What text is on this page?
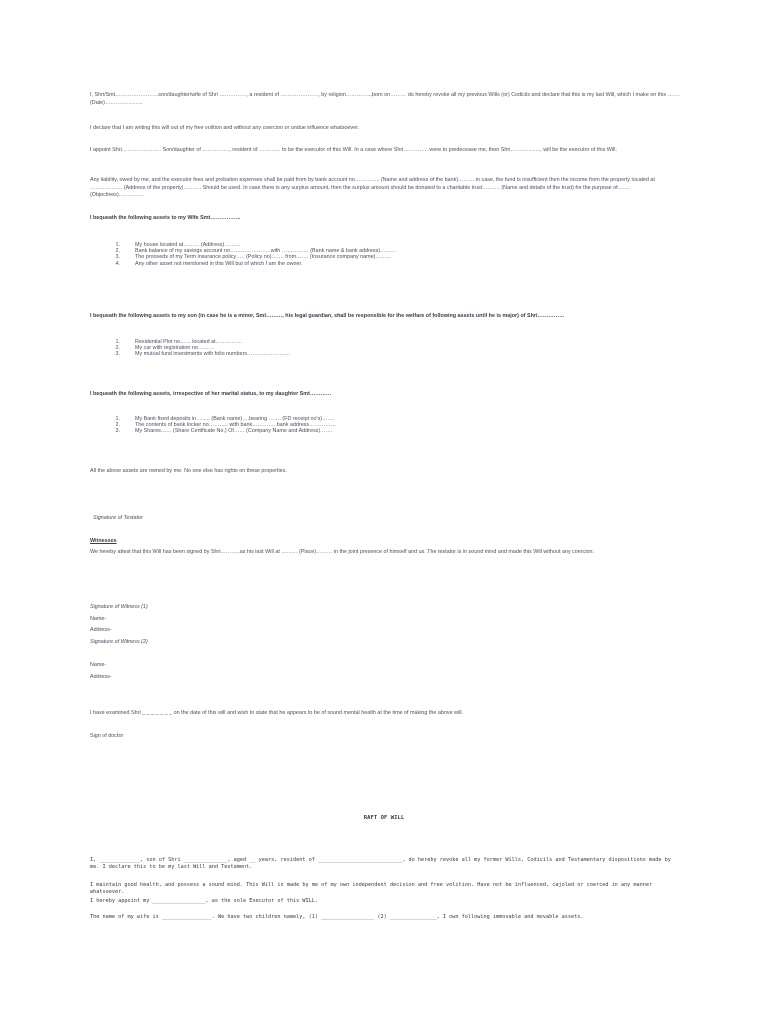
I, Shri/Smt……………………son/daughter/wife of Shri ……………, a resident of …………………, by religion…………..,born on……… do hereby revoke all my previous Wills (or) Codicils and declare that this is my last Will, which I make on this …….(Date)…………………

I declare that I am writing this will out of my free volition and without any coercion or undue influence whatsoever.

I appoint Shri…………………. Son/daughter of ……………, resident of ………… to be the executor of this Will. In a case where Shri………….. were to predecease me, then Shri…………….., will be the executor of this Will.

Any liability, owed by me, and the executor fees and probation expenses shall be paid from by bank account no………….. (Name and address of the bank)……… in case, the fund is insufficient then the income from the property located at ……………… (Address of the property)………. Should be used. In case there is any surplus amount, then the surplus amount should be donated to a charitable trust………. (Name and details of the trust) for the purpose of……. (Objectives)…………..

I bequeath the following assets to my Wife Smt……………..

1.	My house located at……… (Address)………
2.	Bank balance of my savings account no…………………..with …………… (Bank name & bank address)………
3.	The proceeds of my Term insurance policy …. (Policy no)……. from……. (Insurance company name)………
4.	Any other asset not mentioned in this Will but of which I am the owner.

I bequeath the following assets to my son (in case he is a minor, Smt………, his legal guardian, shall be responsible for the welfare of following assets until he is major) of Shri……………

1.	Residential Plot no…… located at……………
2.	My car with registration no………
3.	My mutual fund investments with folio numbers……………………

I bequeath the following assets, irrespective of her marital status, to my daughter Smt…………

1.	My Bank fixed deposits in ……. (Bank name)….bearing ……. (FD receipt no's)…….
2.	The contents of bank locker no……….. with bank…………. bank address……………
3.	My Shares…… (Share Certificate No.) Of…… (Company Name and Address)…….

All the above assets are owned by me. No one else has rights on these properties.

Signature of Testator

Witnesses

We hereby attest that this Will has been signed by Shri………..as his last Will at ……… (Place)……… in the joint presence of himself and us. The testator is in sound mind and made this Will without any coercion.

Signature of Witness (1)

Name-

Address-

Signature of Witness (2)

Name-

Address-

I have examined Shri _ _ _ _ _ _ _ on the date of this will and wish to state that he appears to be of sound mental health at the time of making the above will.

Sign of doctor

RAFT OF WILL

I, _____________, son of Shri ______________, aged __ years, resident of ___________________________, do hereby revoke all my former Wills, Codicils and Testamentary dispositions made by me. I declare this to be my last Will and Testament.

I maintain good health, and possess a sound mind. This Will is made by me of my own independent decision and free volition. Have not be influenced, cajoled or coerced in any manner whatsoever.

I hereby appoint my _________________, as the sole Executor of this WILL.

The name of my wife is ________________. We have two children namely, (1) _________________ (2) _______________, I own following immovable and movable assets.
